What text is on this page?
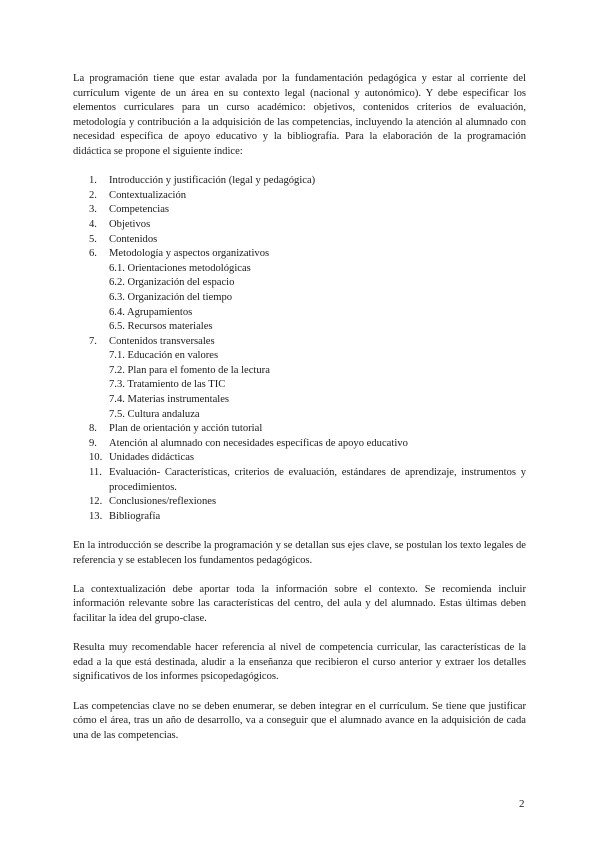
La programación tiene que estar avalada por la fundamentación pedagógica y estar al corriente del currículum vigente de un área en su contexto legal (nacional y autonómico). Y debe especificar los elementos curriculares para un curso académico: objetivos, contenidos criterios de evaluación, metodología y contribución a la adquisición de las competencias, incluyendo la atención al alumnado con necesidad específica de apoyo educativo y la bibliografía. Para la elaboración de la programación didáctica se propone el siguiente índice:

1.	Introducción y justificación (legal y pedagógica)
2.	Contextualización
3.	Competencias
4.	Objetivos
5.	Contenidos
6.	Metodología y aspectos organizativos
6.1. Orientaciones metodológicas
6.2. Organización del espacio
6.3. Organización del tiempo
6.4. Agrupamientos
6.5. Recursos materiales
7.	Contenidos transversales
7.1. Educación en valores
7.2. Plan para el fomento de la lectura
7.3. Tratamiento de las TIC
7.4. Materias instrumentales
7.5. Cultura andaluza
8.	Plan de orientación y acción tutorial
9.	Atención al alumnado con necesidades específicas de apoyo educativo
10. Unidades didácticas
11. Evaluación- Características, criterios de evaluación, estándares de aprendizaje, instrumentos y procedimientos.
12. Conclusiones/reflexiones
13. Bibliografía

En la introducción se describe la programación y se detallan sus ejes clave, se postulan los texto legales de referencia y se establecen los fundamentos pedagógicos.

La contextualización debe aportar toda la información sobre el contexto. Se recomienda incluir información relevante sobre las características del centro, del aula y del alumnado. Estas últimas deben facilitar la idea del grupo-clase.

Resulta muy recomendable hacer referencia al nivel de competencia curricular, las características de la edad a la que está destinada, aludir a la enseñanza que recibieron el curso anterior y extraer los detalles significativos de los informes psicopedagógicos.

Las competencias clave no se deben enumerar, se deben integrar en el currículum. Se tiene que justificar cómo el área, tras un año de desarrollo, va a conseguir que el alumnado avance en la adquisición de cada una de las competencias.

2
